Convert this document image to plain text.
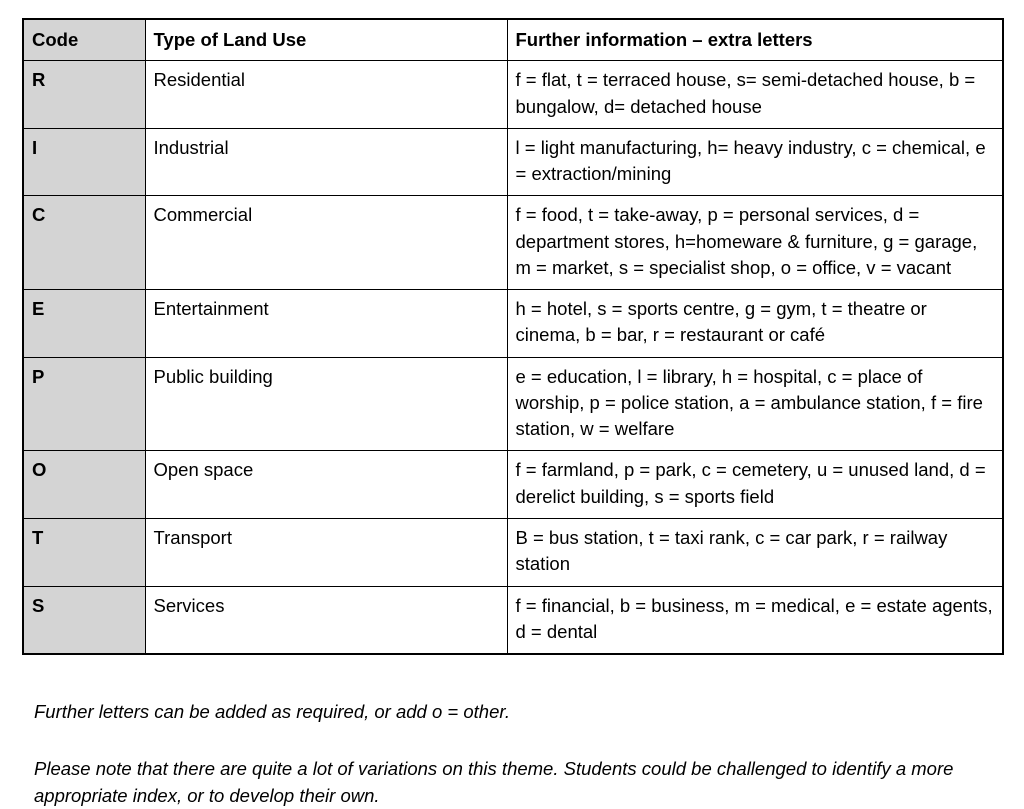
Code	Type of Land Use	Further information – extra letters
R	Residential	f = flat, t = terraced house, s= semi-detached house, b = bungalow, d= detached house
I	Industrial	l = light manufacturing, h= heavy industry, c = chemical, e = extraction/mining
C	Commercial	f = food, t = take-away, p = personal services, d = department stores, h=homeware & furniture, g = garage, m = market, s = specialist shop, o = office, v = vacant
E	Entertainment	h = hotel, s = sports centre, g = gym, t = theatre or cinema, b = bar, r = restaurant or café
P	Public building	e = education, l = library, h = hospital, c = place of worship, p = police station, a = ambulance station, f = fire station, w = welfare
O	Open space	f = farmland, p = park, c = cemetery, u = unused land, d = derelict building, s = sports field
T	Transport	B = bus station, t = taxi rank, c = car park, r = railway station
S	Services	f = financial, b = business, m = medical, e = estate agents, d = dental

Further letters can be added as required, or add o = other.

Please note that there are quite a lot of variations on this theme. Students could be challenged to identify a more appropriate index, or to develop their own.
